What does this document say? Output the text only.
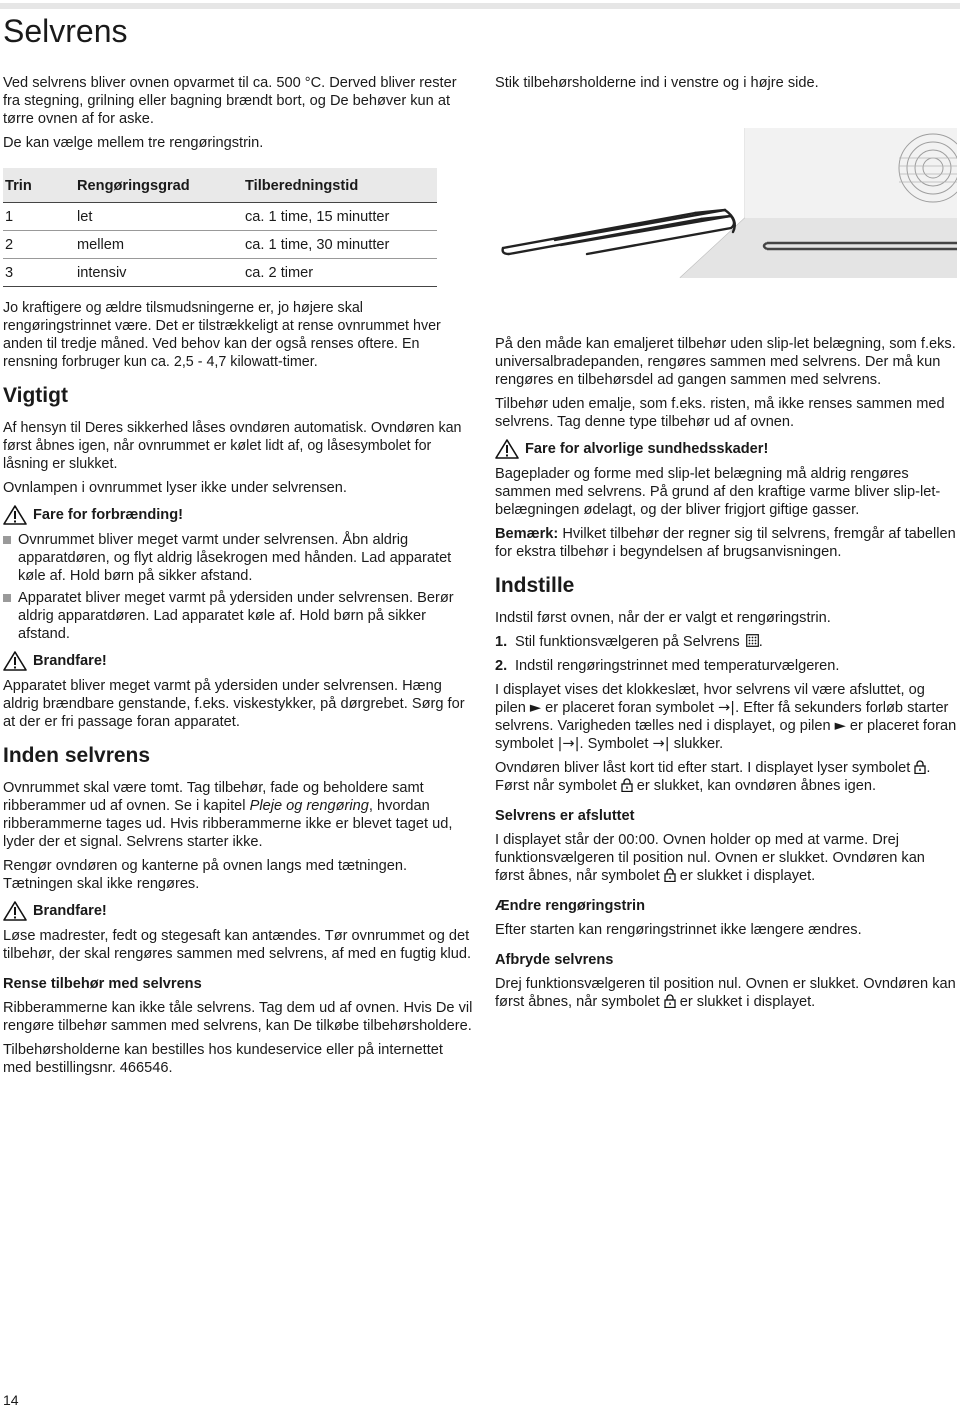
Selvrens

Ved selvrens bliver ovnen opvarmet til ca. 500 °C. Derved bliver rester fra stegning, grilning eller bagning brændt bort, og De behøver kun at tørre ovnen af for aske.

De kan vælge mellem tre rengøringstrin.

Trin	Rengøringsgrad	Tilberedningstid
1	let	ca. 1 time, 15 minutter
2	mellem	ca. 1 time, 30 minutter
3	intensiv	ca. 2 timer

Jo kraftigere og ældre tilsmudsningerne er, jo højere skal rengøringstrinnet være. Det er tilstrækkeligt at rense ovnrummet hver anden til tredje måned. Ved behov kan der også renses oftere. En rensning forbruger kun ca. 2,5 - 4,7 kilowatt-timer.

Vigtigt

Af hensyn til Deres sikkerhed låses ovndøren automatisk. Ovndøren kan først åbnes igen, når ovnrummet er kølet lidt af, og låsesymbolet for låsning er slukket.

Ovnlampen i ovnrummet lyser ikke under selvrensen.

Fare for forbrænding!

Ovnrummet bliver meget varmt under selvrensen. Åbn aldrig apparatdøren, og flyt aldrig låsekrogen med hånden. Lad apparatet køle af. Hold børn på sikker afstand.

Apparatet bliver meget varmt på ydersiden under selvrensen. Berør aldrig apparatdøren. Lad apparatet køle af. Hold børn på sikker afstand.

Brandfare!

Apparatet bliver meget varmt på ydersiden under selvrensen. Hæng aldrig brændbare genstande, f.eks. viskestykker, på dørgrebet. Sørg for at der er fri passage foran apparatet.

Inden selvrens

Ovnrummet skal være tomt. Tag tilbehør, fade og beholdere samt ribberammer ud af ovnen. Se i kapitel Pleje og rengøring, hvordan ribberammerne tages ud. Hvis ribberammerne ikke er blevet taget ud, lyder der et signal. Selvrens starter ikke.

Rengør ovndøren og kanterne på ovnen langs med tætningen. Tætningen skal ikke rengøres.

Brandfare!

Løse madrester, fedt og stegesaft kan antændes. Tør ovnrummet og det tilbehør, der skal rengøres sammen med selvrens, af med en fugtig klud.

Rense tilbehør med selvrens

Ribberammerne kan ikke tåle selvrens. Tag dem ud af ovnen. Hvis De vil rengøre tilbehør sammen med selvrens, kan De tilkøbe tilbehørsholdere.

Tilbehørsholderne kan bestilles hos kundeservice eller på internettet med bestillingsnr. 466546.

Stik tilbehørsholderne ind i venstre og i højre side.

På den måde kan emaljeret tilbehør uden slip-let belægning, som f.eks. universalbradepanden, rengøres sammen med selvrens. Der må kun rengøres en tilbehørsdel ad gangen sammen med selvrens.

Tilbehør uden emalje, som f.eks. risten, må ikke renses sammen med selvrens. Tag denne type tilbehør ud af ovnen.

Fare for alvorlige sundhedsskader!

Bageplader og forme med slip-let belægning må aldrig rengøres sammen med selvrens. På grund af den kraftige varme bliver slip-let-belægningen ødelagt, og der bliver frigjort giftige gasser.

Bemærk: Hvilket tilbehør der regner sig til selvrens, fremgår af tabellen for ekstra tilbehør i begyndelsen af brugsanvisningen.

Indstille

Indstil først ovnen, når der er valgt et rengøringstrin.

1. Stil funktionsvælgeren på Selvrens .
2. Indstil rengøringstrinnet med temperaturvælgeren.

I displayet vises det klokkeslæt, hvor selvrens vil være afsluttet, og pilen ► er placeret foran symbolet →|. Efter få sekunders forløb starter selvrens. Varigheden tælles ned i displayet, og pilen ► er placeret foran symbolet |→|. Symbolet →| slukker.

Ovndøren bliver låst kort tid efter start. I displayet lyser symbolet . Først når symbolet  er slukket, kan ovndøren åbnes igen.

Selvrens er afsluttet

I displayet står der 00:00. Ovnen holder op med at varme. Drej funktionsvælgeren til position nul. Ovnen er slukket. Ovndøren kan først åbnes, når symbolet  er slukket i displayet.

Ændre rengøringstrin

Efter starten kan rengøringstrinnet ikke længere ændres.

Afbryde selvrens

Drej funktionsvælgeren til position nul. Ovnen er slukket. Ovndøren kan først åbnes, når symbolet  er slukket i displayet.

14
